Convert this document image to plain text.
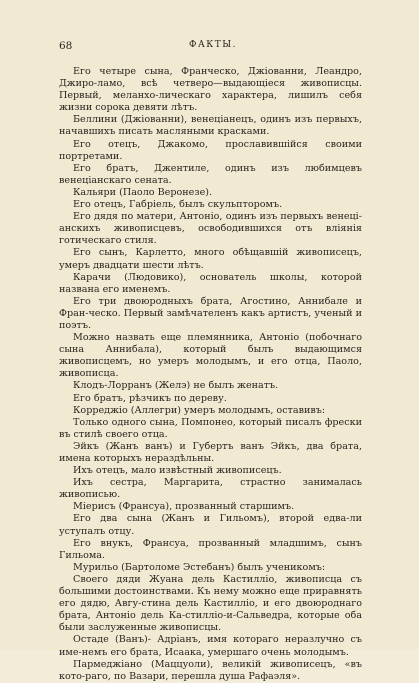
68	ФАКТЫ.

Его четыре сына, Франческо, Джіованни, Леандро, Джиро-ламо, всѣ четверо—выдающіеся живописцы. Первый, меланхо-лическаго характера, лишилъ себя жизни сорока девяти лѣтъ.

Беллини (Джіованни), венеціанецъ, одинъ изъ первыхъ, начавшихъ писать масляными красками.

Его отецъ, Джакомо, прославившійся своими портретами.

Его братъ, Джентиле, одинъ изъ любимцевъ венеціанскаго сената.

Кальяри (Паоло Веронезе).

Его отецъ, Габріель, былъ скульпторомъ.

Его дядя по матери, Антоніо, одинъ изъ первыхъ венеці-анскихъ живописцевъ, освободившихся отъ вліянія готическаго стиля.

Его сынъ, Карлетто, много обѣщавшій живописецъ, умеръ двадцати шести лѣтъ.

Карачи (Людовико), основатель школы, которой названа его именемъ.

Его три двоюродныхъ брата, Агостино, Аннибале и Фран-ческо. Первый замѣчателенъ какъ артистъ, ученый и поэтъ.

Можно назвать еще племянника, Антоніо (побочнаго сына Аннибала), который былъ выдающимся живописцемъ, но умеръ молодымъ, и его отца, Паоло, живописца.

Клодъ-Лорранъ (Желэ) не былъ женатъ.

Его братъ, рѣзчикъ по дереву.

Корреджіо (Аллегри) умеръ молодымъ, оставивъ:

Только одного сына, Помпонео, который писалъ фрески въ стилѣ своего отца.

Эйкъ (Жанъ ванъ) и Губертъ ванъ Эйкъ, два брата, имена которыхъ нераздѣльны.

Ихъ отецъ, мало извѣстный живописецъ.

Ихъ сестра, Маргарита, страстно занималась живописью.

Міерисъ (Франсуа), прозванный старшимъ.

Его два сына (Жанъ и Гильомъ), второй едва-ли уступалъ отцу.

Его внукъ, Франсуа, прозванный младшимъ, сынъ Гильома.

Мурильо (Бартоломе Эстебанъ) былъ ученикомъ:

Своего дяди Жуана дель Кастилліо, живописца съ большими достоинствами. Къ нему можно еще приравнять его дядю, Авгу-стина дель Кастилліо, и его двоюроднаго брата, Антоніо дель Ка-стилліо-и-Сальведра, которые оба были заслуженные живописцы.

Остаде (Ванъ)- Адріанъ, имя котораго неразлучно съ име-немъ его брата, Исаака, умершаго очень молодымъ.

Пармеджіано (Маццуоли), великій живописецъ, «въ кото-раго, по Вазари, перешла душа Рафаэля».
